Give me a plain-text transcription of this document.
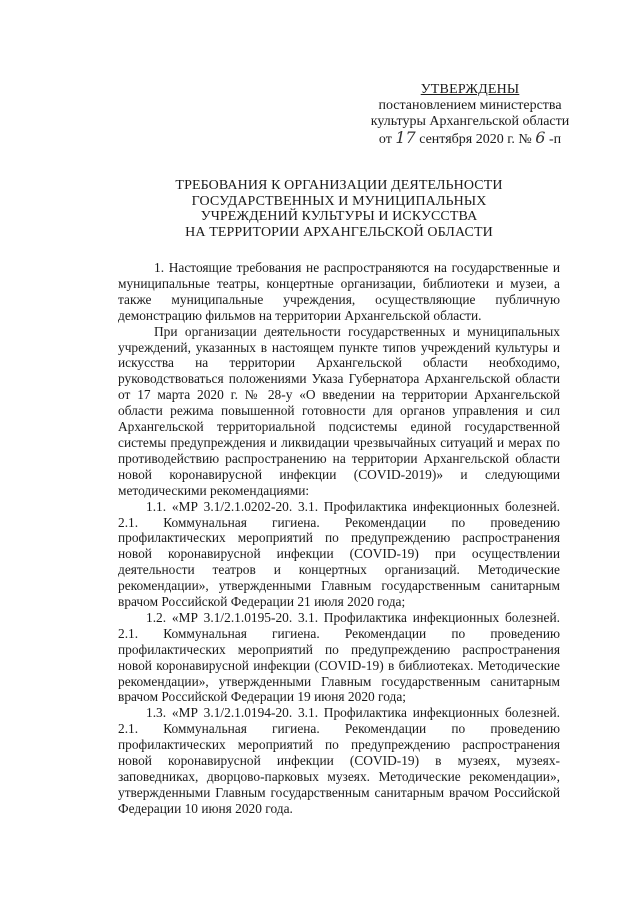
УТВЕРЖДЕНЫ
постановлением министерства
культуры Архангельской области
от 17 сентября 2020 г. № 6 -п
ТРЕБОВАНИЯ К ОРГАНИЗАЦИИ ДЕЯТЕЛЬНОСТИ
ГОСУДАРСТВЕННЫХ И МУНИЦИПАЛЬНЫХ
УЧРЕЖДЕНИЙ КУЛЬТУРЫ И ИСКУССТВА
НА ТЕРРИТОРИИ АРХАНГЕЛЬСКОЙ ОБЛАСТИ

1. Настоящие требования не распространяются на государственные и муниципальные театры, концертные организации, библиотеки и музеи, а также муниципальные учреждения, осуществляющие публичную демонстрацию фильмов на территории Архангельской области.

При организации деятельности государственных и муниципальных учреждений, указанных в настоящем пункте типов учреждений культуры и искусства на территории Архангельской области необходимо, руководствоваться положениями Указа Губернатора Архангельской области от 17 марта 2020 г. № 28-у «О введении на территории Архангельской области режима повышенной готовности для органов управления и сил Архангельской территориальной подсистемы единой государственной системы предупреждения и ликвидации чрезвычайных ситуаций и мерах по противодействию распространению на территории Архангельской области новой коронавирусной инфекции (COVID-2019)» и следующими методическими рекомендациями:

1.1. «МР 3.1/2.1.0202-20. 3.1. Профилактика инфекционных болезней. 2.1. Коммунальная гигиена. Рекомендации по проведению профилактических мероприятий по предупреждению распространения новой коронавирусной инфекции (COVID-19) при осуществлении деятельности театров и концертных организаций. Методические рекомендации», утвержденными Главным государственным санитарным врачом Российской Федерации 21 июля 2020 года;

1.2. «МР 3.1/2.1.0195-20. 3.1. Профилактика инфекционных болезней. 2.1. Коммунальная гигиена. Рекомендации по проведению профилактических мероприятий по предупреждению распространения новой коронавирусной инфекции (COVID-19) в библиотеках. Методические рекомендации», утвержденными Главным государственным санитарным врачом Российской Федерации 19 июня 2020 года;

1.3. «МР 3.1/2.1.0194-20. 3.1. Профилактика инфекционных болезней. 2.1. Коммунальная гигиена. Рекомендации по проведению профилактических мероприятий по предупреждению распространения новой коронавирусной инфекции (COVID-19) в музеях, музеях-заповедниках, дворцово-парковых музеях. Методические рекомендации», утвержденными Главным государственным санитарным врачом Российской Федерации 10 июня 2020 года.
